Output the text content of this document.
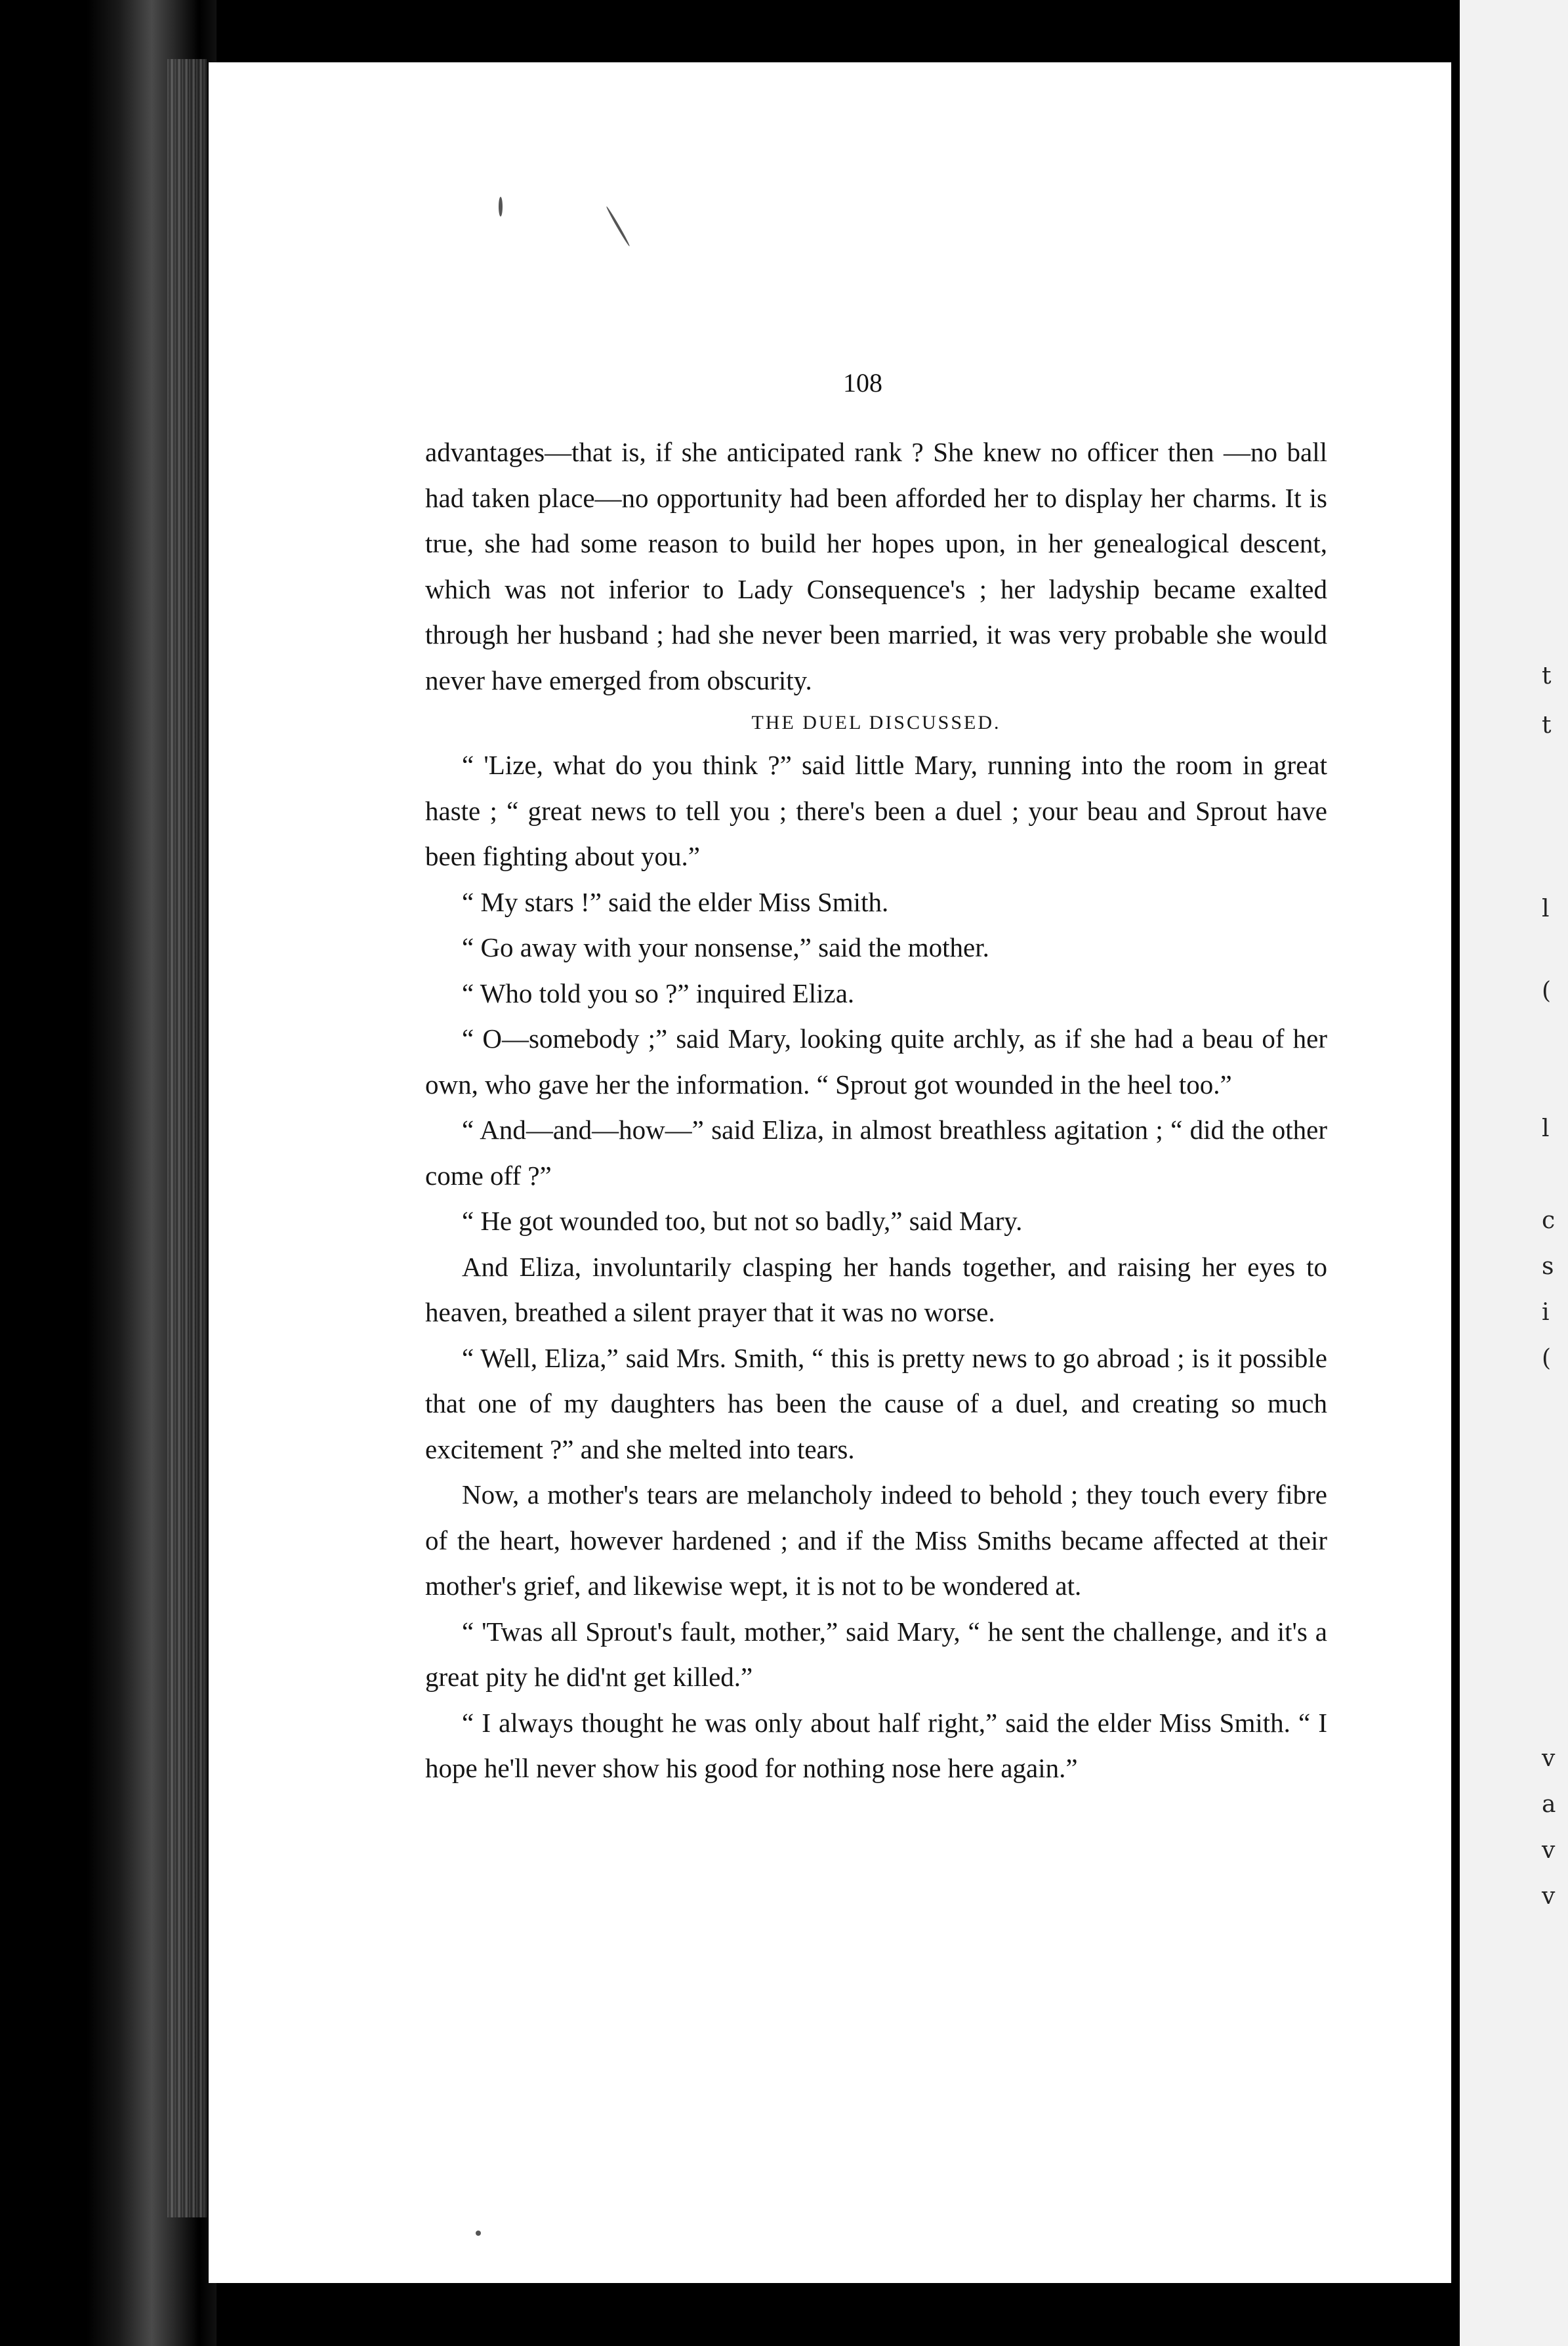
t
t
l
(
l
c
s
i
(
v
a
v
v
108

advantages—that is, if she anticipated rank ? She knew no officer then —no ball had taken place—no opportunity had been afforded her to display her charms. It is true, she had some reason to build her hopes upon, in her genealogical descent, which was not inferior to Lady Consequence's ; her ladyship became exalted through her husband ; had she never been married, it was very probable she would never have emerged from obscurity.

THE DUEL DISCUSSED.

“ 'Lize, what do you think ?” said little Mary, running into the room in great haste ; “ great news to tell you ; there's been a duel ; your beau and Sprout have been fighting about you.”

“ My stars !” said the elder Miss Smith.

“ Go away with your nonsense,” said the mother.

“ Who told you so ?” inquired Eliza.

“ O—somebody ;” said Mary, looking quite archly, as if she had a beau of her own, who gave her the information. “ Sprout got wounded in the heel too.”

“ And—and—how—” said Eliza, in almost breathless agitation ; “ did the other come off ?”

“ He got wounded too, but not so badly,” said Mary.

And Eliza, involuntarily clasping her hands together, and raising her eyes to heaven, breathed a silent prayer that it was no worse.

“ Well, Eliza,” said Mrs. Smith, “ this is pretty news to go abroad ; is it possible that one of my daughters has been the cause of a duel, and creating so much excitement ?” and she melted into tears.

Now, a mother's tears are melancholy indeed to behold ; they touch every fibre of the heart, however hardened ; and if the Miss Smiths became affected at their mother's grief, and likewise wept, it is not to be wondered at.

“ 'Twas all Sprout's fault, mother,” said Mary, “ he sent the challenge, and it's a great pity he did'nt get killed.”

“ I always thought he was only about half right,” said the elder Miss Smith. “ I hope he'll never show his good for nothing nose here again.”
